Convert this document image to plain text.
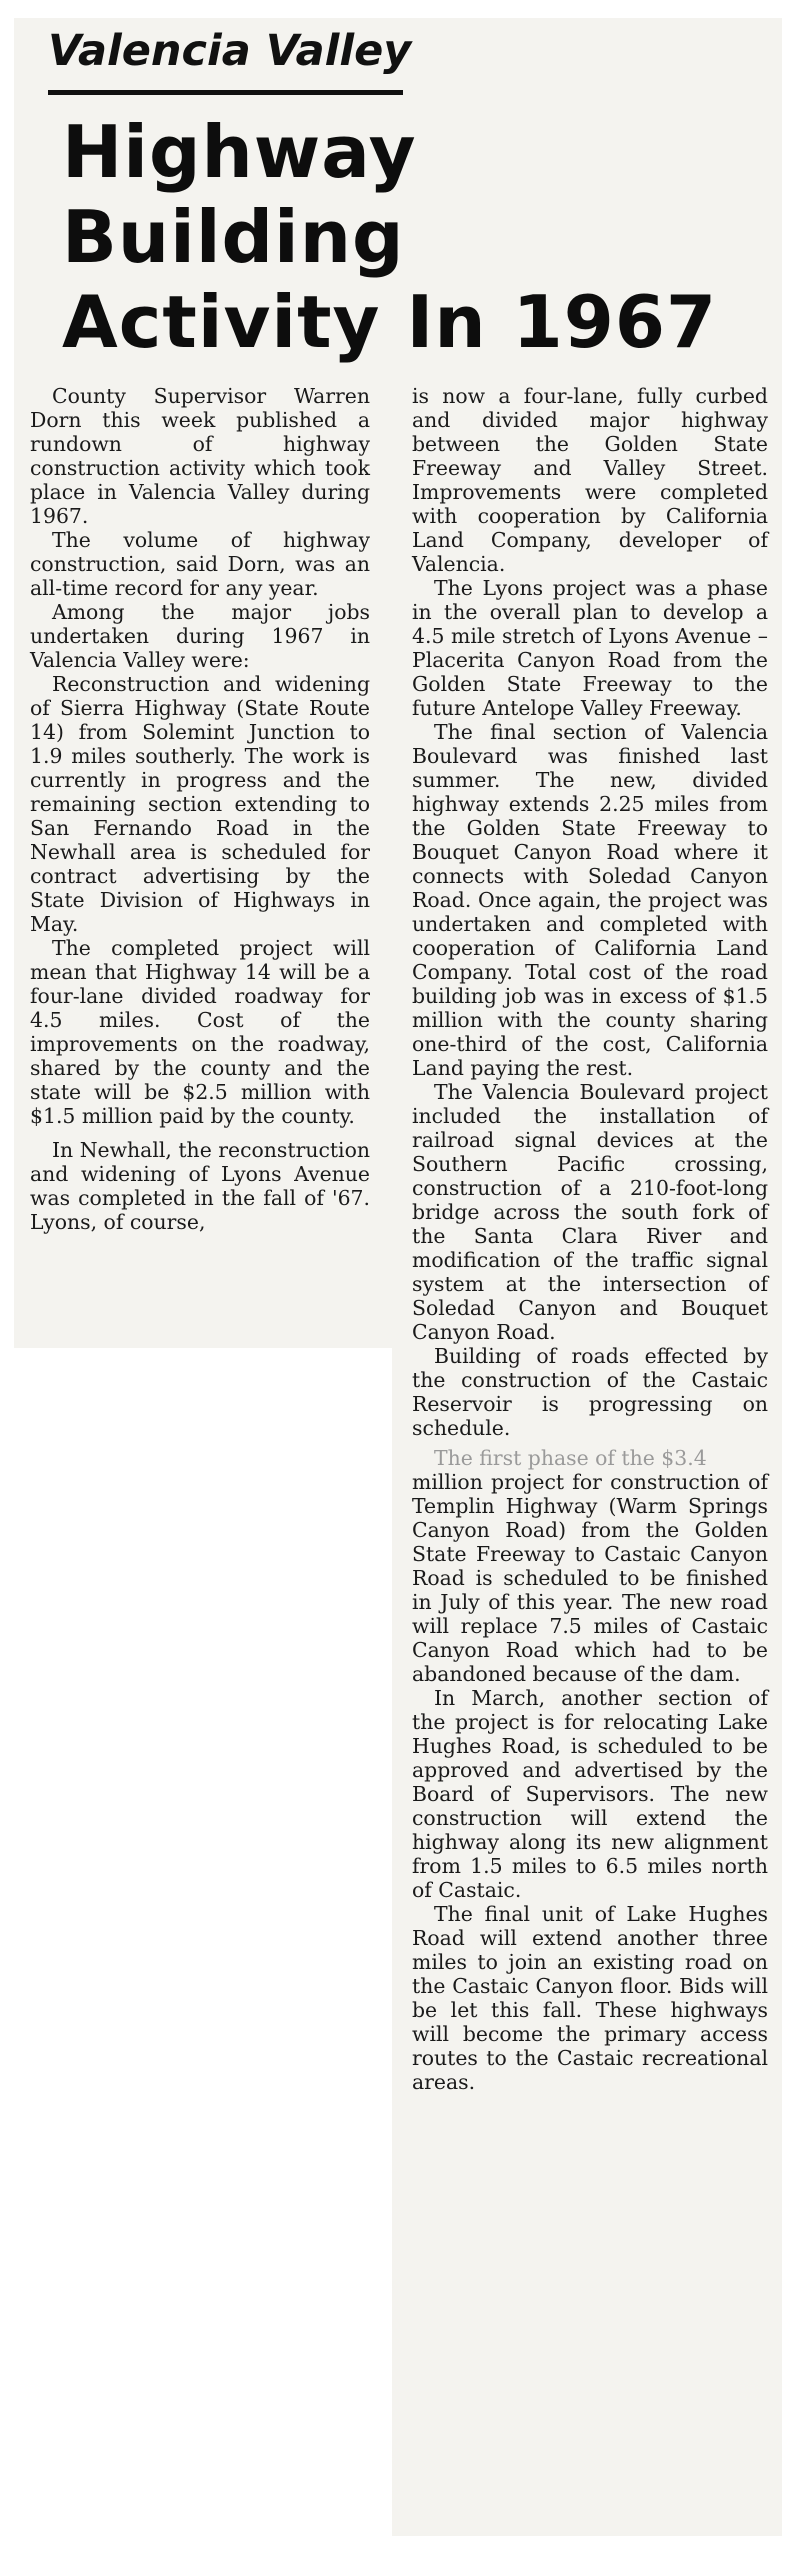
Valencia Valley
Highway Building
Activity In 1967

County Supervisor Warren Dorn this week published a rundown of highway construction activity which took place in Valencia Valley during 1967.

The volume of highway construction, said Dorn, was an all-time record for any year.

Among the major jobs undertaken during 1967 in Valencia Valley were:

Reconstruction and widening of Sierra Highway (State Route 14) from Solemint Junction to 1.9 miles southerly. The work is currently in progress and the remaining section extending to San Fernando Road in the Newhall area is scheduled for contract advertising by the State Division of Highways in May.

The completed project will mean that Highway 14 will be a four-lane divided roadway for 4.5 miles. Cost of the improvements on the roadway, shared by the county and the state will be $2.5 million with $1.5 million paid by the county.

In Newhall, the reconstruction and widening of Lyons Avenue was completed in the fall of '67. Lyons, of course,

is now a four-lane, fully curbed and divided major highway between the Golden State Freeway and Valley Street. Improvements were completed with cooperation by California Land Company, developer of Valencia.

The Lyons project was a phase in the overall plan to develop a 4.5 mile stretch of Lyons Avenue – Placerita Canyon Road from the Golden State Freeway to the future Antelope Valley Freeway.

The final section of Valencia Boulevard was finished last summer. The new, divided highway extends 2.25 miles from the Golden State Freeway to Bouquet Canyon Road where it connects with Soledad Canyon Road. Once again, the project was undertaken and completed with cooperation of California Land Company. Total cost of the road building job was in excess of $1.5 million with the county sharing one-third of the cost, California Land paying the rest.

The Valencia Boulevard project included the installation of railroad signal devices at the Southern Pacific crossing, construction of a 210-foot-long bridge across the south fork of the Santa Clara River and modification of the traffic signal system at the intersection of Soledad Canyon and Bouquet Canyon Road.

Building of roads effected by the construction of the Castaic Reservoir is progressing on schedule.

The first phase of the $3.4

million project for construction of Templin Highway (Warm Springs Canyon Road) from the Golden State Freeway to Castaic Canyon Road is scheduled to be finished in July of this year. The new road will replace 7.5 miles of Castaic Canyon Road which had to be abandoned because of the dam.

In March, another section of the project is for relocating Lake Hughes Road, is scheduled to be approved and advertised by the Board of Supervisors. The new construction will extend the highway along its new alignment from 1.5 miles to 6.5 miles north of Castaic.

The final unit of Lake Hughes Road will extend another three miles to join an existing road on the Castaic Canyon floor. Bids will be let this fall. These highways will become the primary access routes to the Castaic recreational areas.
